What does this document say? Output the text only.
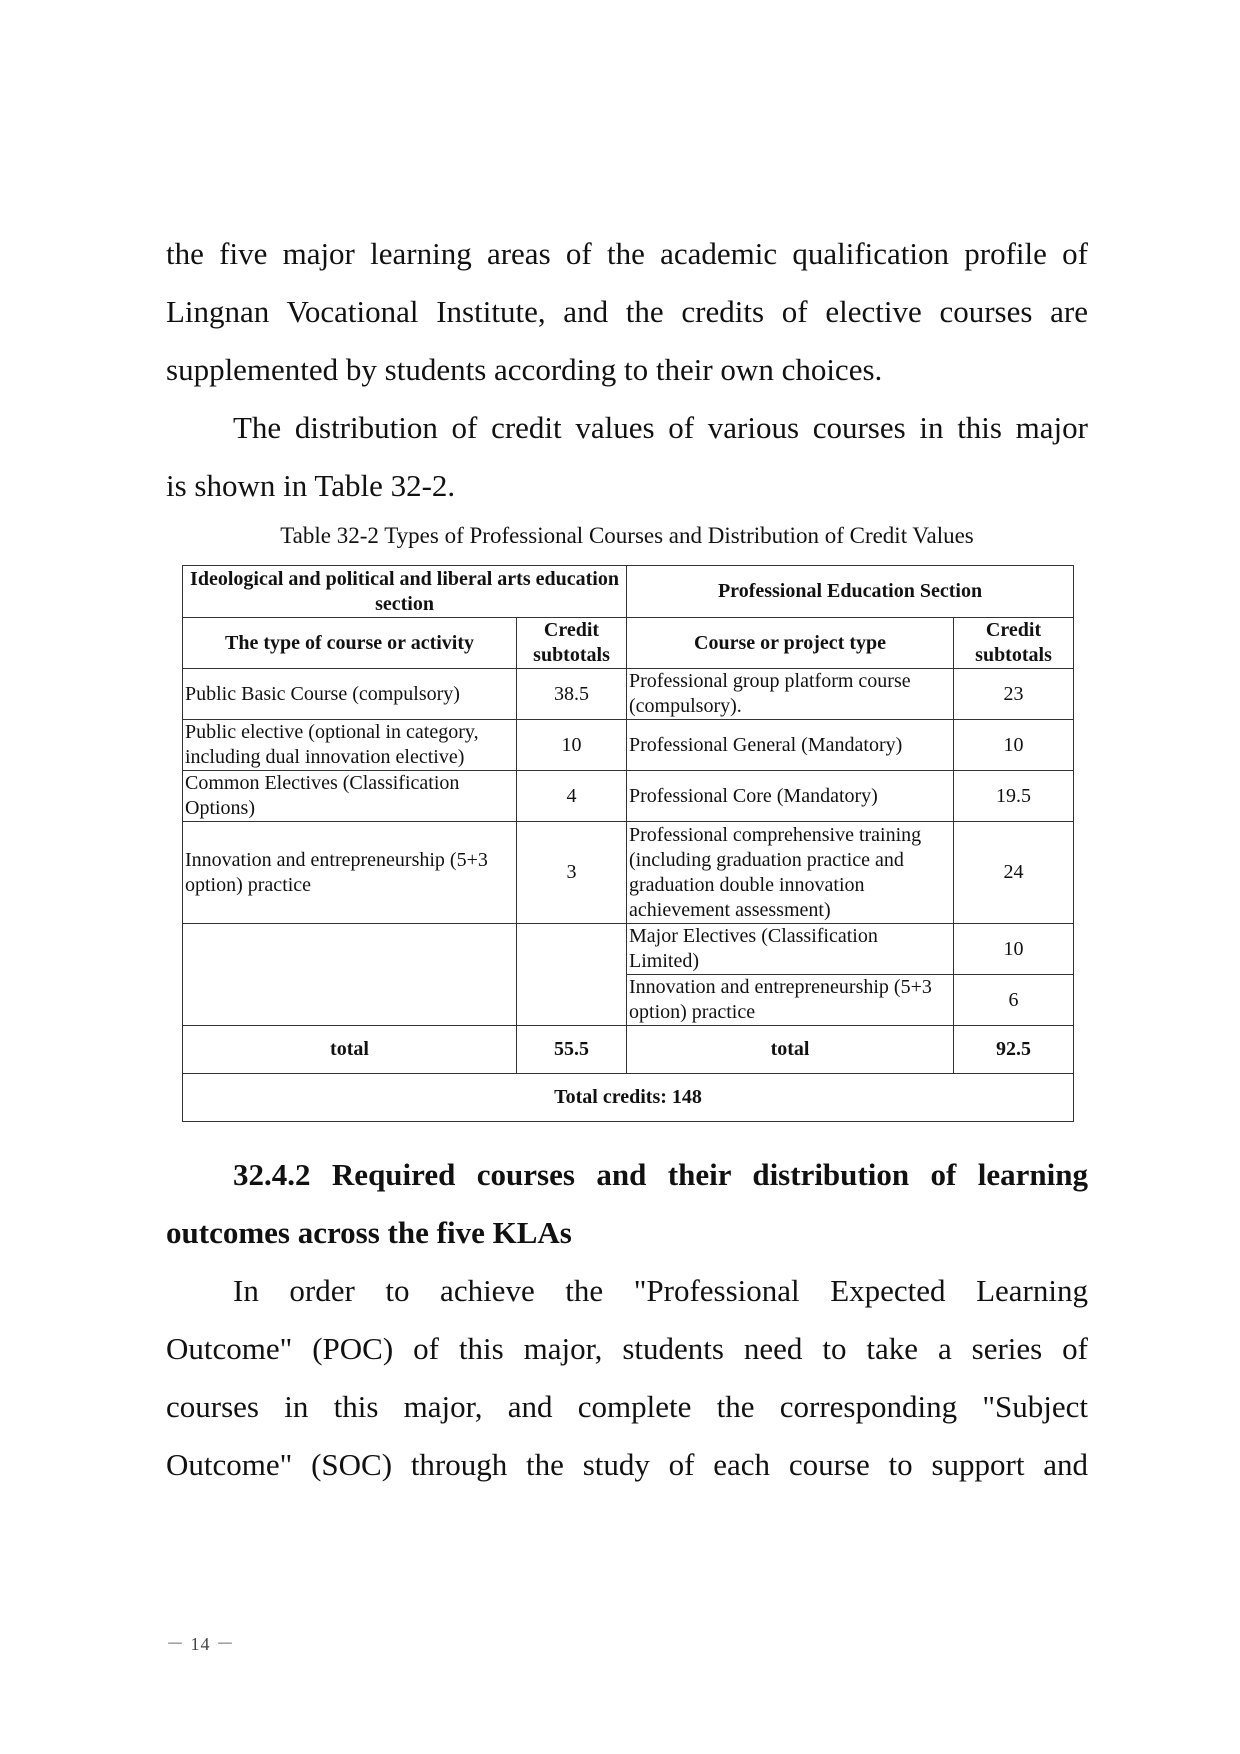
the five major learning areas of the academic qualification profile of
Lingnan Vocational Institute, and the credits of elective courses are
supplemented by students according to their own choices.

The distribution of credit values of various courses in this major
is shown in Table 32-2.

Table 32-2 Types of Professional Courses and Distribution of Credit Values

Ideological and political and liberal arts education section		Professional Education Section	
The type of course or activity	Credit subtotals	Course or project type	Credit subtotals
Public Basic Course (compulsory)	38.5	Professional group platform course (compulsory).	23
Public elective (optional in category, including dual innovation elective)	10	Professional General (Mandatory)	10
Common Electives (Classification Options)	4	Professional Core (Mandatory)	19.5
Innovation and entrepreneurship (5+3 option) practice	3	Professional comprehensive training (including graduation practice and graduation double innovation achievement assessment)	24
		Major Electives (Classification Limited)	10
		Innovation and entrepreneurship (5+3 option) practice	6
total	55.5	total	92.5
Total credits: 148			

32.4.2 Required courses and their distribution of learning
outcomes across the five KLAs

In order to achieve the "Professional Expected Learning
Outcome" (POC) of this major, students need to take a series of
courses in this major, and complete the corresponding "Subject
Outcome" (SOC) through the study of each course to support and

－ 14 －
